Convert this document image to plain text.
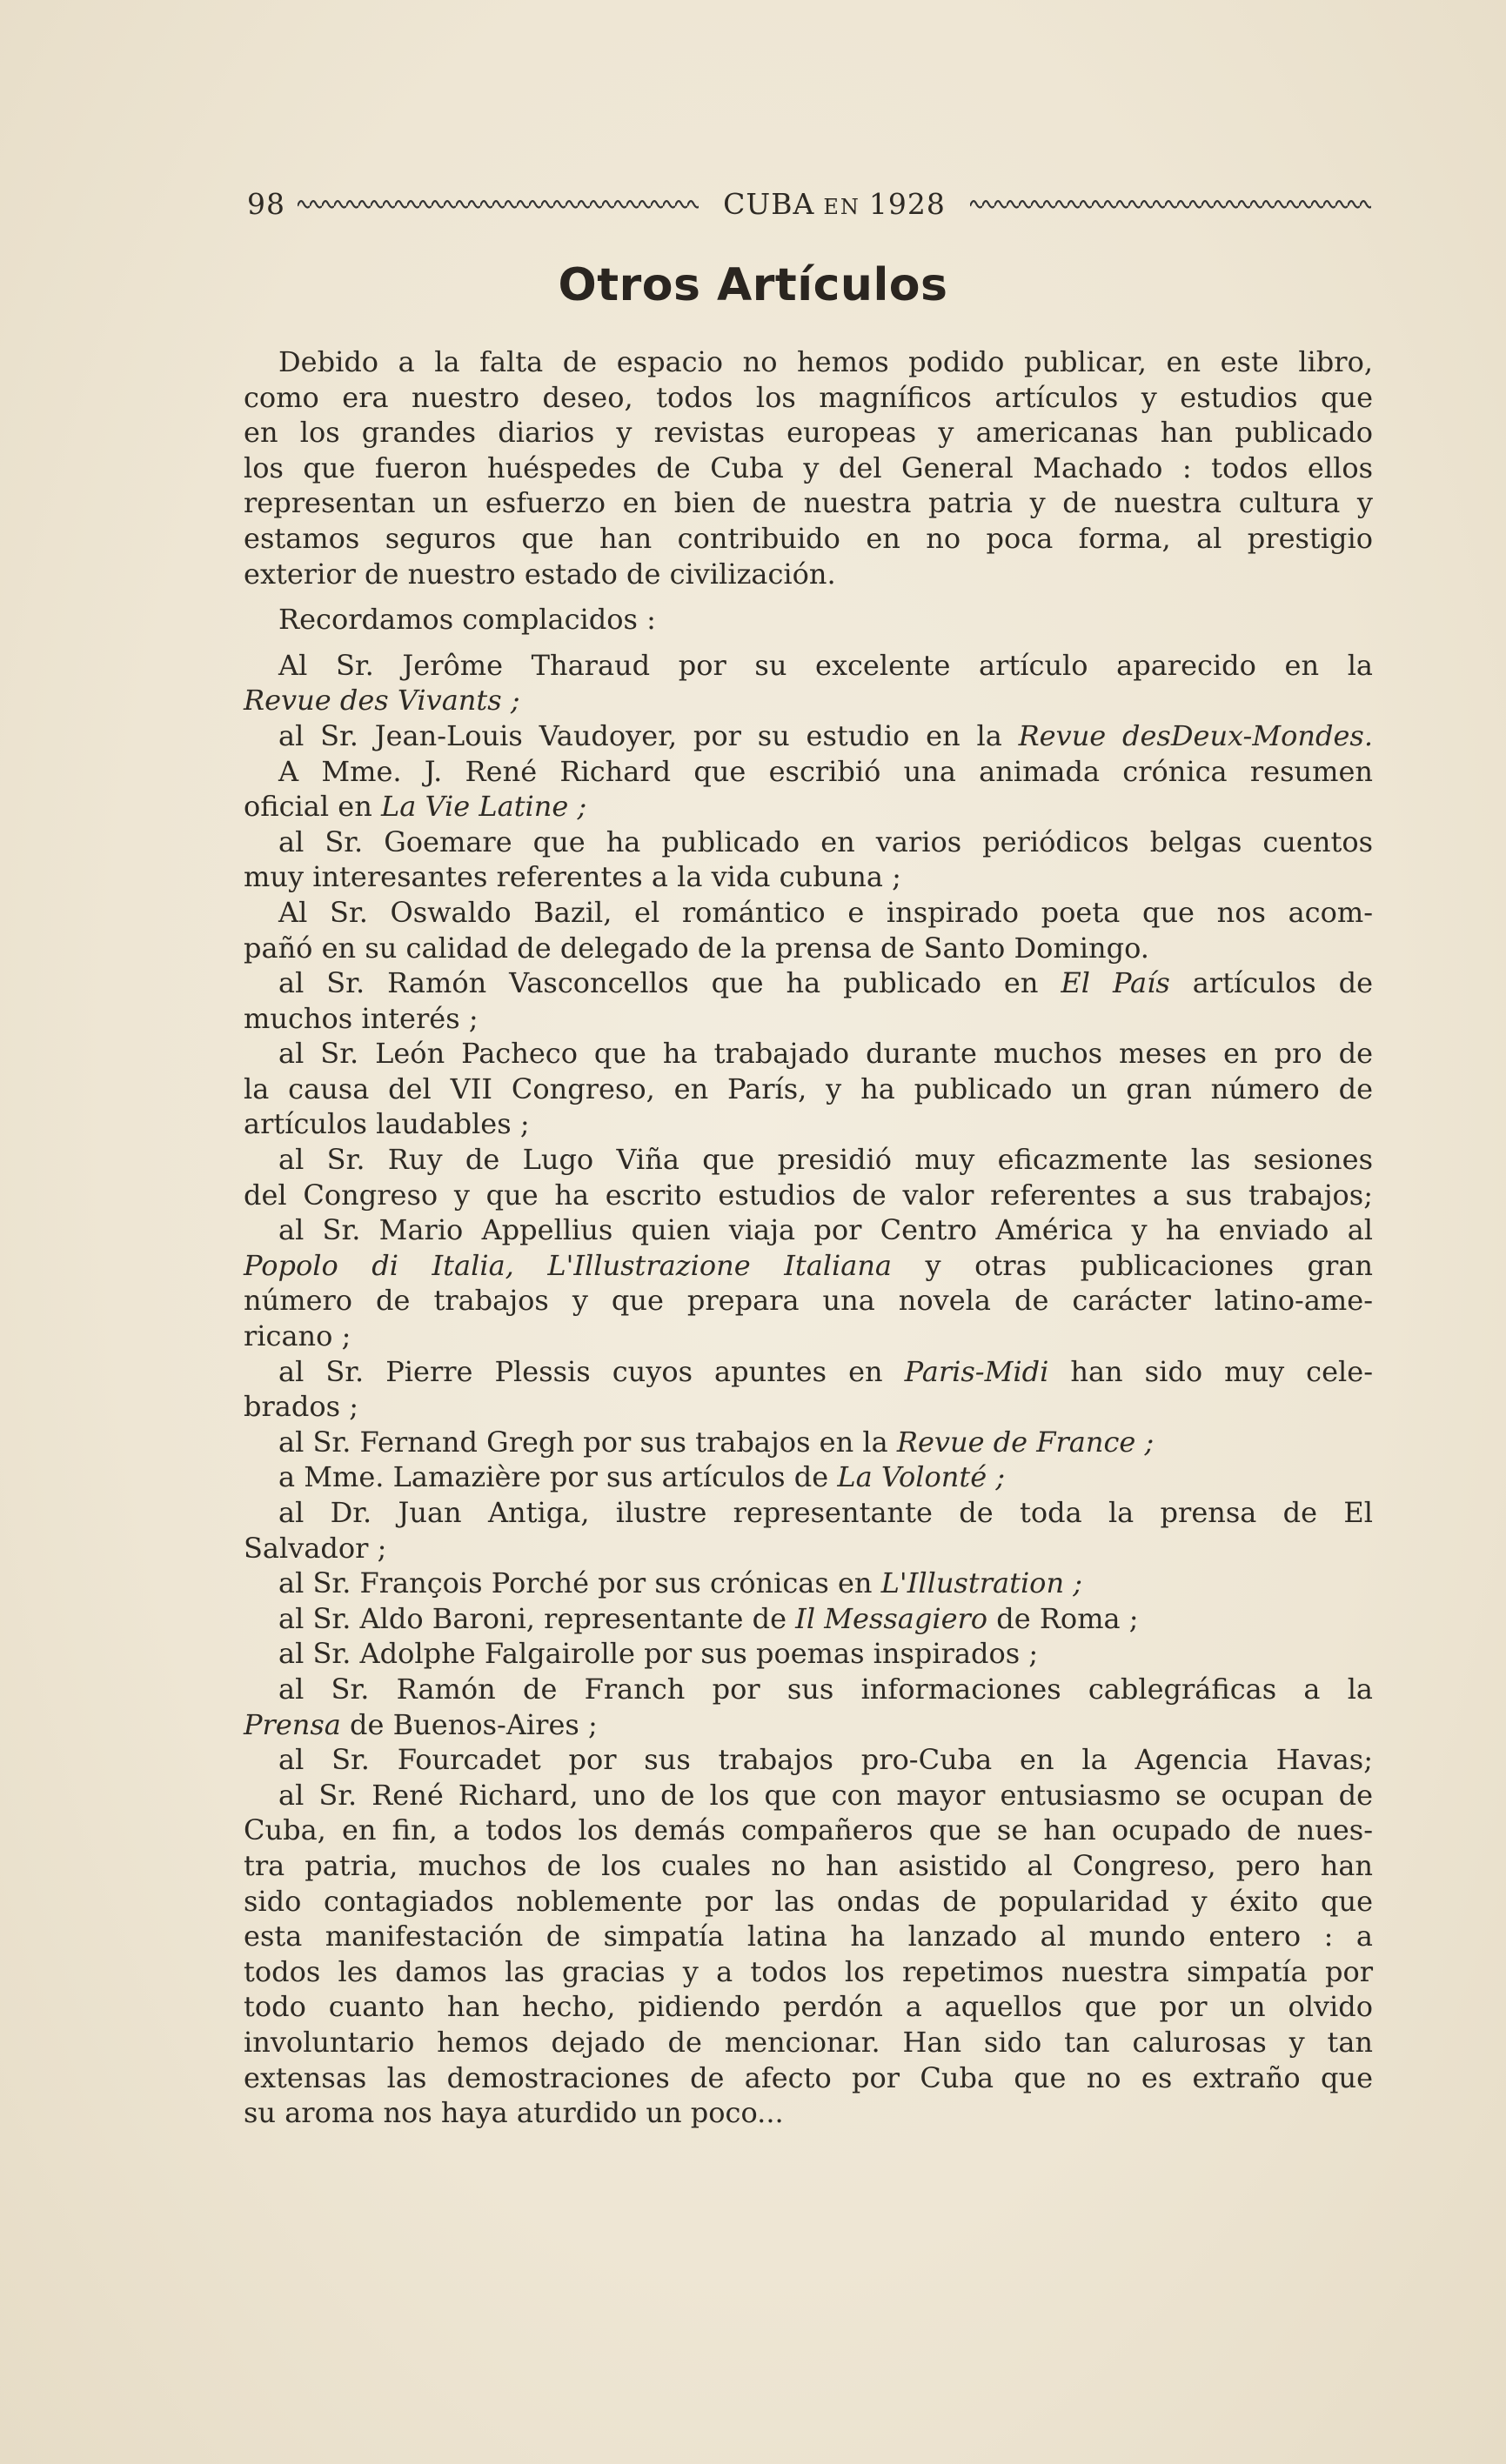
98	CUBA EN 1928
Otros Artículos
Debido a la falta de espacio no hemos podido publicar, en este libro,
como era nuestro deseo, todos los magníficos artículos y estudios que
en los grandes diarios y revistas europeas y americanas han publicado
los que fueron huéspedes de Cuba y del General Machado : todos ellos
representan un esfuerzo en bien de nuestra patria y de nuestra cultura y
estamos seguros que han contribuido en no poca forma, al prestigio
exterior de nuestro estado de civilización.
Recordamos complacidos :
Al Sr. Jerôme Tharaud por su excelente artículo aparecido en la
Revue des Vivants ;
al Sr. Jean-Louis Vaudoyer, por su estudio en la Revue desDeux-Mondes.
A Mme. J. René Richard que escribió una animada crónica resumen
oficial en La Vie Latine ;
al Sr. Goemare que ha publicado en varios periódicos belgas cuentos
muy interesantes referentes a la vida cubuna ;
Al Sr. Oswaldo Bazil, el romántico e inspirado poeta que nos acom-
pañó en su calidad de delegado de la prensa de Santo Domingo.
al Sr. Ramón Vasconcellos que ha publicado en El País artículos de
muchos interés ;
al Sr. León Pacheco que ha trabajado durante muchos meses en pro de
la causa del VII Congreso, en París, y ha publicado un gran número de
artículos laudables ;
al Sr. Ruy de Lugo Viña que presidió muy eficazmente las sesiones
del Congreso y que ha escrito estudios de valor referentes a sus trabajos;
al Sr. Mario Appellius quien viaja por Centro América y ha enviado al
Popolo di Italia, L'Illustrazione Italiana y otras publicaciones gran
número de trabajos y que prepara una novela de carácter latino-ame-
ricano ;
al Sr. Pierre Plessis cuyos apuntes en Paris-Midi han sido muy cele-
brados ;
al Sr. Fernand Gregh por sus trabajos en la Revue de France ;
a Mme. Lamazière por sus artículos de La Volonté ;
al Dr. Juan Antiga, ilustre representante de toda la prensa de El
Salvador ;
al Sr. François Porché por sus crónicas en L'Illustration ;
al Sr. Aldo Baroni, representante de Il Messagiero de Roma ;
al Sr. Adolphe Falgairolle por sus poemas inspirados ;
al Sr. Ramón de Franch por sus informaciones cablegráficas a la
Prensa de Buenos-Aires ;
al Sr. Fourcadet por sus trabajos pro-Cuba en la Agencia Havas;
al Sr. René Richard, uno de los que con mayor entusiasmo se ocupan de
Cuba, en fin, a todos los demás compañeros que se han ocupado de nues-
tra patria, muchos de los cuales no han asistido al Congreso, pero han
sido contagiados noblemente por las ondas de popularidad y éxito que
esta manifestación de simpatía latina ha lanzado al mundo entero : a
todos les damos las gracias y a todos los repetimos nuestra simpatía por
todo cuanto han hecho, pidiendo perdón a aquellos que por un olvido
involuntario hemos dejado de mencionar. Han sido tan calurosas y tan
extensas las demostraciones de afecto por Cuba que no es extraño que
su aroma nos haya aturdido un poco...
